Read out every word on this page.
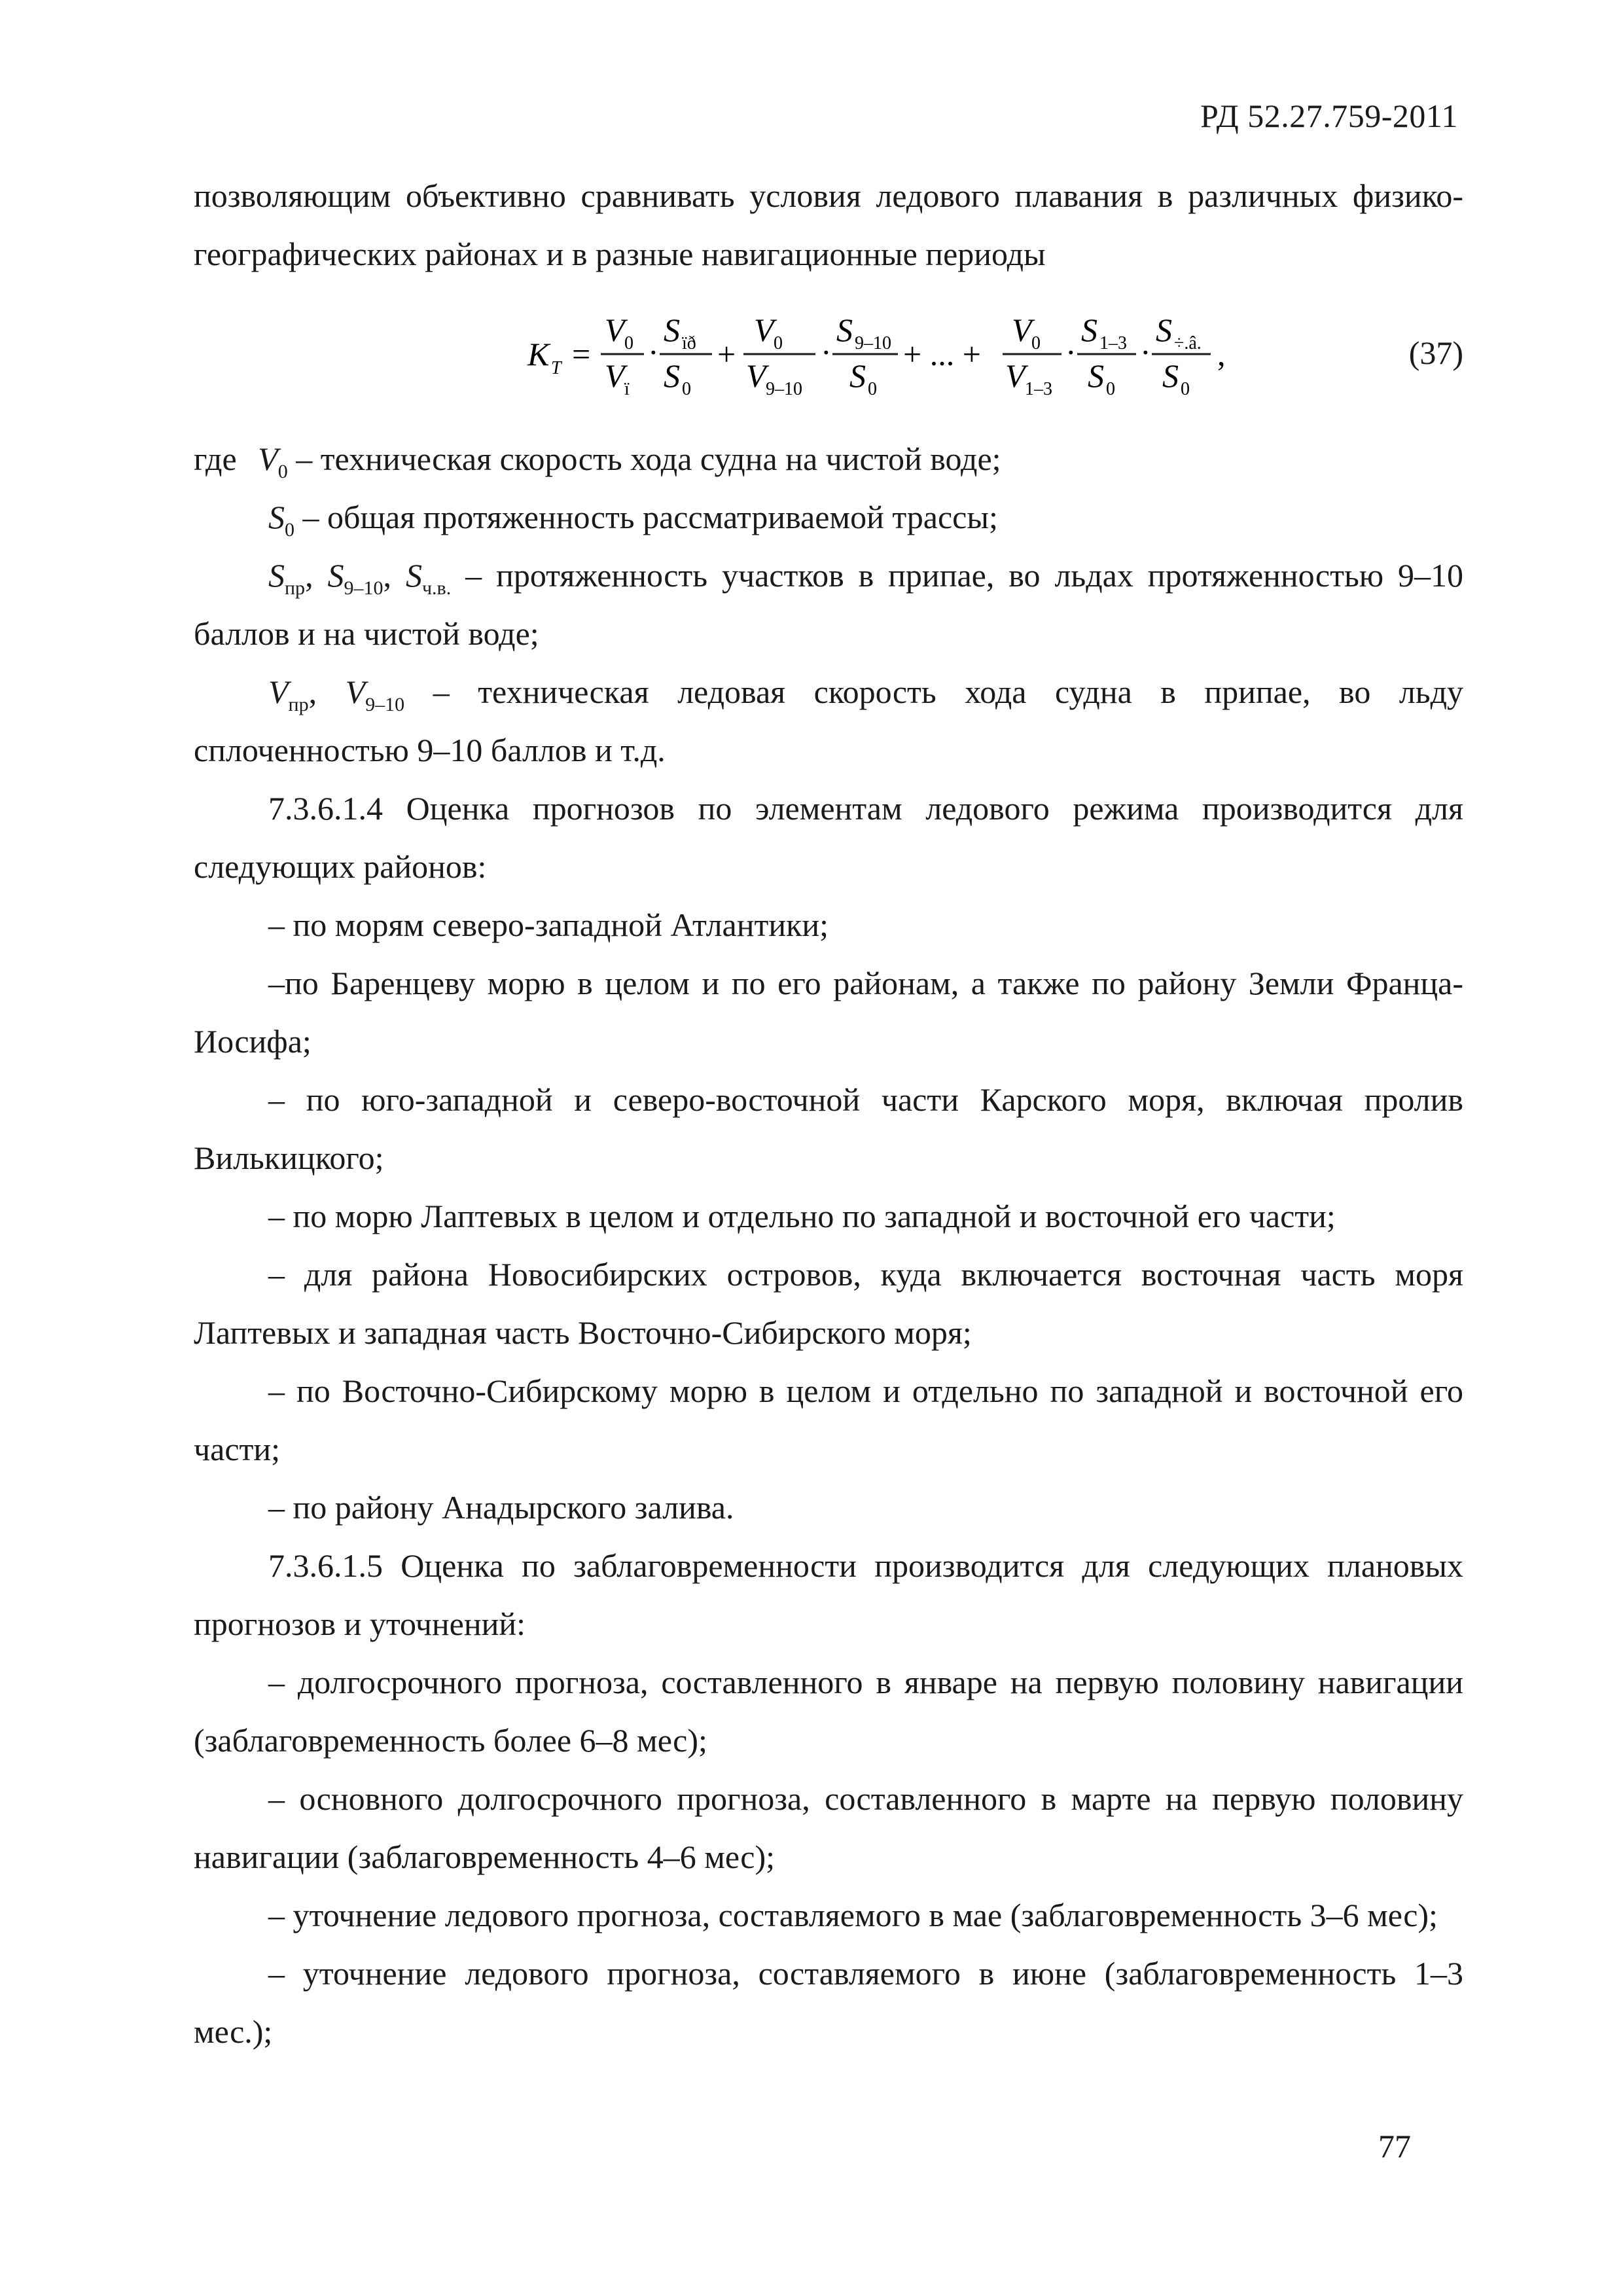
РД 52.27.759-2011
позволяющим объективно сравнивать условия ледового плавания в различных физико-
географических районах и в разные навигационные периоды
K T =
V 0
V ï
·
S ïð
S 0
+
V 0
V 9–10
·
S 9–10
S 0
+ ... +
V 0
V 1–3
·
S 1–3
S 0
·
S ÷.â.
S 0
,	(37)
где $V_0$ – техническая скорость хода судна на чистой воде;
$S_0$ – общая протяженность рассматриваемой трассы;
$S_{пр}$, $S_{9-10}$, $S_{ч.в.}$ – протяженность участков в припае, во льдах протяженностью 9–10
баллов и на чистой воде;
$V_{пр}$, $V_{9-10}$ – техническая ледовая скорость хода судна в припае, во льду
сплоченностью 9–10 баллов и т.д.
7.3.6.1.4 Оценка прогнозов по элементам ледового режима производится для
следующих районов:
– по морям северо-западной Атлантики;
–по Баренцеву морю в целом и по его районам, а также по району Земли Франца-
Иосифа;
– по юго-западной и северо-восточной части Карского моря, включая пролив
Вилькицкого;
– по морю Лаптевых в целом и отдельно по западной и восточной его части;
– для района Новосибирских островов, куда включается восточная часть моря
Лаптевых и западная часть Восточно-Сибирского моря;
– по Восточно-Сибирскому морю в целом и отдельно по западной и восточной его
части;
– по району Анадырского залива.
7.3.6.1.5 Оценка по заблаговременности производится для следующих плановых
прогнозов и уточнений:
– долгосрочного прогноза, составленного в январе на первую половину навигации
(заблаговременность более 6–8 мес);
– основного долгосрочного прогноза, составленного в марте на первую половину
навигации (заблаговременность 4–6 мес);
– уточнение ледового прогноза, составляемого в мае (заблаговременность 3–6 мес);
– уточнение ледового прогноза, составляемого в июне (заблаговременность 1–3
мес.);
77
